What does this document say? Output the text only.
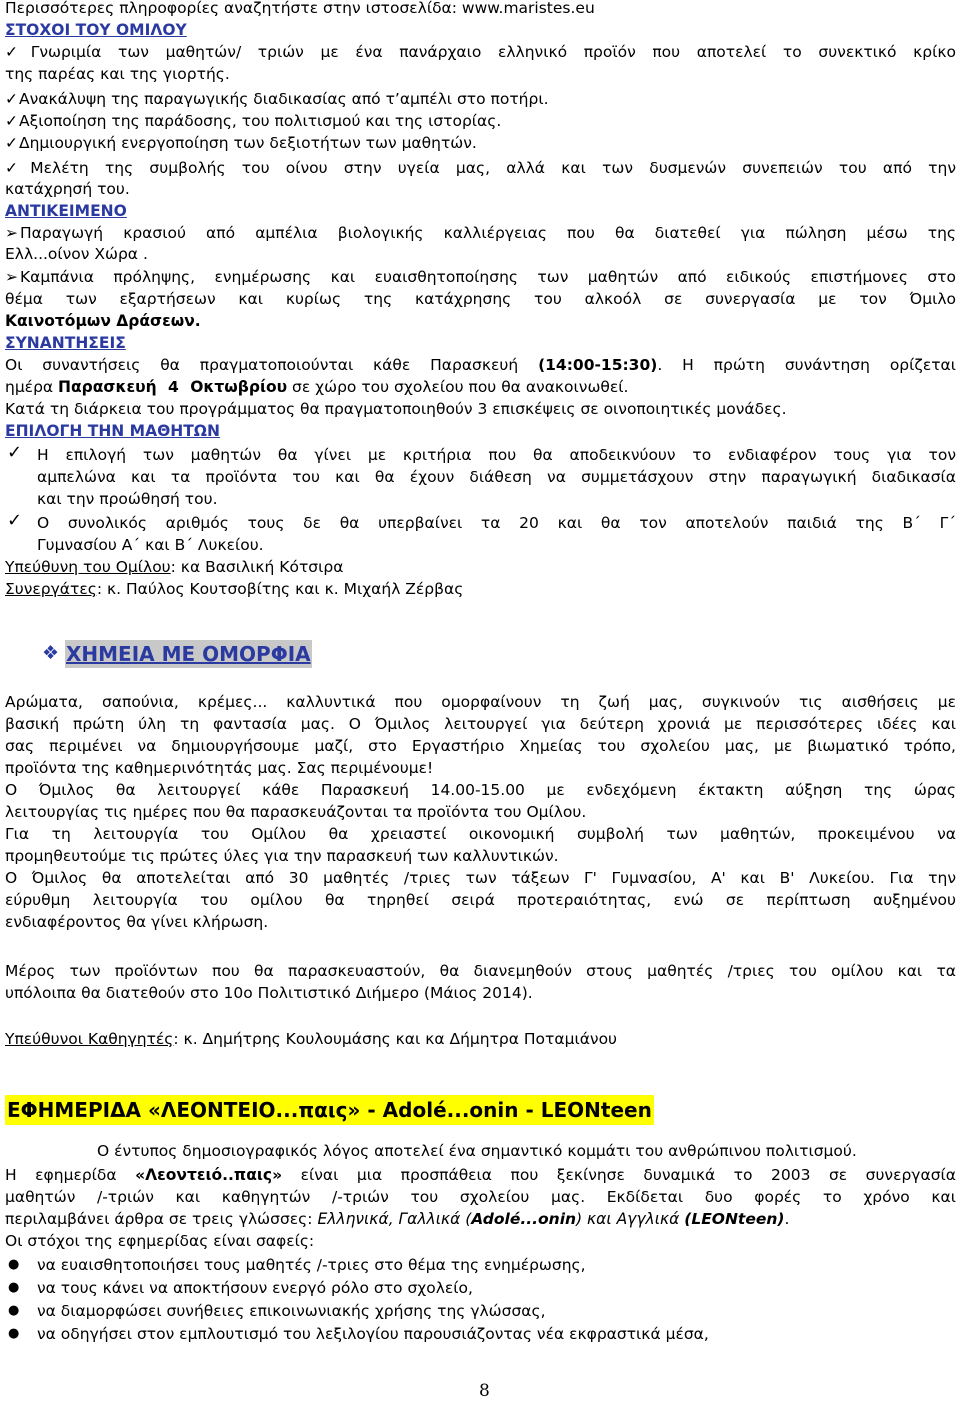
Περισσότερες πληροφορίες αναζητήστε στην ιστοσελίδα: www.maristes.eu
ΣΤΟΧΟΙ ΤΟΥ ΟΜΙΛΟΥ
✓ Γνωριμία των μαθητών/ τριών με ένα πανάρχαιο ελληνικό προϊόν που αποτελεί το συνεκτικό κρίκο
της παρέας και της γιορτής.
✓ Ανακάλυψη της παραγωγικής διαδικασίας από τ’αμπέλι στο ποτήρι.
✓ Αξιοποίηση της παράδοσης, του πολιτισμού και της ιστορίας.
✓ Δημιουργική ενεργοποίηση των δεξιοτήτων των μαθητών.
✓ Μελέτη της συμβολής του οίνου στην υγεία μας, αλλά και των δυσμενών συνεπειών του από την
κατάχρησή του.
ΑΝΤΙΚΕΙΜΕΝΟ
➢ Παραγωγή κρασιού από αμπέλια βιολογικής καλλιέργειας που θα διατεθεί για πώληση μέσω της
Ελλ...οίνον Χώρα .
➢ Καμπάνια πρόληψης, ενημέρωσης και ευαισθητοποίησης των μαθητών από ειδικούς επιστήμονες στο
θέμα των εξαρτήσεων και κυρίως της κατάχρησης του αλκοόλ σε συνεργασία με τον Όμιλο
Καινοτόμων Δράσεων.
ΣΥΝΑΝΤΗΣΕΙΣ
Οι συναντήσεις θα πραγματοποιούνται κάθε Παρασκευή (14:00-15:30). Η πρώτη συνάντηση ορίζεται
ημέρα Παρασκευή 4 Οκτωβρίου σε χώρο του σχολείου που θα ανακοινωθεί.
Κατά τη διάρκεια του προγράμματος θα πραγματοποιηθούν 3 επισκέψεις σε οινοποιητικές μονάδες.
ΕΠΙΛΟΓΗ ΤΗΝ ΜΑΘΗΤΩΝ
✓ Η επιλογή των μαθητών θα γίνει με κριτήρια που θα αποδεικνύουν το ενδιαφέρον τους για τον
αμπελώνα και τα προϊόντα του και θα έχουν διάθεση να συμμετάσχουν στην παραγωγική διαδικασία
και την προώθησή του.
✓ Ο συνολικός αριθμός τους δε θα υπερβαίνει τα 20 και θα τον αποτελούν παιδιά της Β΄ Γ΄
Γυμνασίου Α΄ και Β΄ Λυκείου.
Υπεύθυνη του Ομίλου: κα Βασιλική Κότσιρα
Συνεργάτες: κ. Παύλος Κουτσοβίτης και κ. Μιχαήλ Ζέρβας
❖ ΧΗΜΕΙΑ ΜΕ ΟΜΟΡΦΙΑ
Αρώματα, σαπούνια, κρέμες... καλλυντικά που ομορφαίνουν τη ζωή μας, συγκινούν τις αισθήσεις με
βασική πρώτη ύλη τη φαντασία μας. Ο Όμιλος λειτουργεί για δεύτερη χρονιά με περισσότερες ιδέες και
σας περιμένει να δημιουργήσουμε μαζί, στο Εργαστήριο Χημείας του σχολείου μας, με βιωματικό τρόπο,
προϊόντα της καθημερινότητάς μας. Σας περιμένουμε!
Ο Όμιλος θα λειτουργεί κάθε Παρασκευή 14.00-15.00 με ενδεχόμενη έκτακτη αύξηση της ώρας
λειτουργίας τις ημέρες που θα παρασκευάζονται τα προϊόντα του Ομίλου.
Για τη λειτουργία του Ομίλου θα χρειαστεί οικονομική συμβολή των μαθητών, προκειμένου να
προμηθευτούμε τις πρώτες ύλες για την παρασκευή των καλλυντικών.
Ο Όμιλος θα αποτελείται από 30 μαθητές /τριες των τάξεων Γ' Γυμνασίου, Α' και Β' Λυκείου. Για την
εύρυθμη λειτουργία του ομίλου θα τηρηθεί σειρά προτεραιότητας, ενώ σε περίπτωση αυξημένου
ενδιαφέροντος θα γίνει κλήρωση.
Μέρος των προϊόντων που θα παρασκευαστούν, θα διανεμηθούν στους μαθητές /τριες του ομίλου και τα
υπόλοιπα θα διατεθούν στο 10ο Πολιτιστικό Διήμερο (Μάιος 2014).
Υπεύθυνοι Καθηγητές: κ. Δημήτρης Κουλουμάσης και κα Δήμητρα Ποταμιάνου
ΕΦΗΜΕΡΙΔΑ «ΛΕΟΝΤΕΙΟ...παις» - Adolé...onin - LEONteen
Ο έντυπος δημοσιογραφικός λόγος αποτελεί ένα σημαντικό κομμάτι του ανθρώπινου πολιτισμού.
Η εφημερίδα «Λεοντειό..παις» είναι μια προσπάθεια που ξεκίνησε δυναμικά το 2003 σε συνεργασία
μαθητών /-τριών και καθηγητών /-τριών του σχολείου μας. Εκδίδεται δυο φορές το χρόνο και
περιλαμβάνει άρθρα σε τρεις γλώσσες: Ελληνικά, Γαλλικά (Adolé...onin) και Αγγλικά (LEONteen).
Οι στόχοι της εφημερίδας είναι σαφείς:
● να ευαισθητοποιήσει τους μαθητές /-τριες στο θέμα της ενημέρωσης,
● να τους κάνει να αποκτήσουν ενεργό ρόλο στο σχολείο,
● να διαμορφώσει συνήθειες επικοινωνιακής χρήσης της γλώσσας,
● να οδηγήσει στον εμπλουτισμό του λεξιλογίου παρουσιάζοντας νέα εκφραστικά μέσα,
8
